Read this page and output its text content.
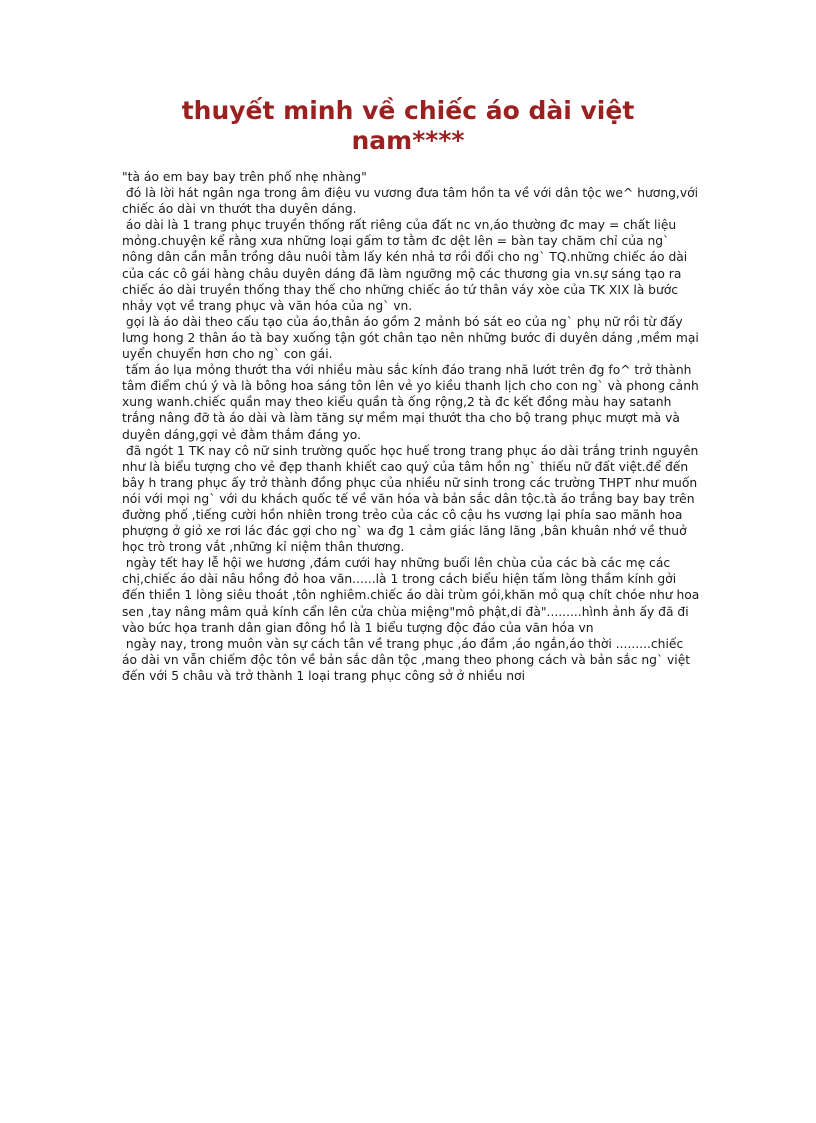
thuyết minh về chiếc áo dài việt nam****

"tà áo em bay bay trên phố nhẹ nhàng"

đó là lời hát ngân nga trong âm điệu vu vương đưa tâm hồn ta về với dân tộc we^ hương,với chiếc áo dài vn thướt tha duyên dáng.

áo dài là 1 trang phục truyền thống rất riêng của đất nc vn,áo thường đc may = chất liệu mỏng.chuyện kể rằng xưa những loại gấm tơ tằm đc dệt lên = bàn tay chăm chỉ của ng` nông dân cần mẫn trồng dâu nuôi tằm lấy kén nhả tơ rồi đổi cho ng` TQ.những chiếc áo dài của các cô gái hàng châu duyên dáng đã làm ngưỡng mộ các thương gia vn.sự sáng tạo ra chiếc áo dài truyền thống thay thế cho những chiếc áo tứ thân váy xòe của TK XIX là bước nhảy vọt về trang phục và văn hóa của ng` vn.

gọi là áo dài theo cấu tạo của áo,thân áo gồm 2 mảnh bó sát eo của ng` phụ nữ rồi từ đấy lưng hong 2 thân áo tà bay xuống tận gót chân tạo nên những bước đi duyên dáng ,mềm mại uyển chuyển hơn cho ng` con gái.

tấm áo lụa mỏng thướt tha với nhiều màu sắc kính đáo trang nhã lướt trên đg fo^ trở thành tâm điểm chú ý và là bông hoa sáng tôn lên vẻ yo kiều thanh lịch cho con ng` và phong cảnh xung wanh.chiếc quần may theo kiểu quần tà ống rộng,2 tà đc kết đồng màu hay satanh trắng nâng đỡ tà áo dài và làm tăng sự mềm mại thướt tha cho bộ trang phục mượt mà và duyên dáng,gợi vẻ đằm thắm đáng yo.

đã ngót 1 TK nay cô nữ sinh trường quốc học huế trong trang phục áo dài trắng trinh nguyên như là biểu tượng cho vẻ đẹp thanh khiết cao quý của tâm hồn ng` thiếu nữ đất việt.để đến bây h trang phục ấy trở thành đồng phục của nhiều nữ sinh trong các trường THPT như muốn nói với mọi ng` với du khách quốc tế về văn hóa và bản sắc dân tộc.tà áo trắng bay bay trên đường phố ,tiếng cười hồn nhiên trong trẻo của các cô cậu hs vương lại phía sao mãnh hoa phượng ở giỏ xe rơi lác đác gợi cho ng` wa đg 1 cảm giác lăng lăng ,bân khuân nhớ về thuở học trò trong vắt ,những kỉ niệm thân thương.

ngày tết hay lễ hội we hương ,đám cưới hay những buổi lên chùa của các bà các mẹ các chị,chiếc áo dài nâu hồng đỏ hoa văn......là 1 trong cách biểu hiện tấm lòng thầm kính gởi đến thiền 1 lòng siêu thoát ,tôn nghiêm.chiếc áo dài trùm gói,khăn mỏ quạ chít chóe như hoa sen ,tay nâng mâm quả kính cẩn lên cửa chùa miệng"mô phật,di đà".........hình ảnh ấy đã đi vào bức họa tranh dân gian đông hồ là 1 biểu tượng độc đáo của văn hóa vn

ngày nay, trong muôn vàn sự cách tân về trang phục ,áo đầm ,áo ngắn,áo thời .........chiếc áo dài vn vẫn chiếm độc tôn về bản sắc dân tộc ,mang theo phong cách và bản sắc ng` việt đến với 5 châu và trở thành 1 loại trang phục công sở ở nhiều nơi
